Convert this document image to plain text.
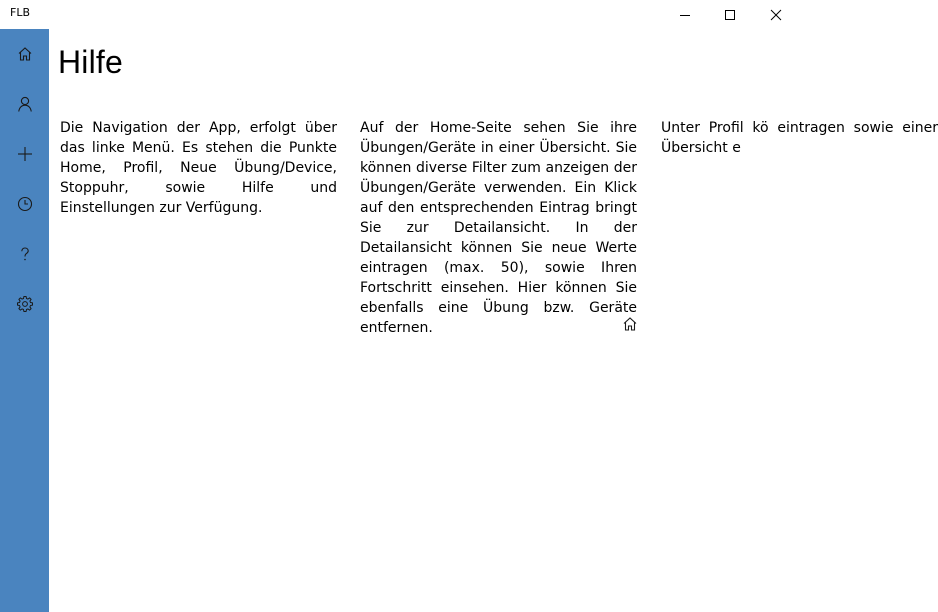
FLB
Hilfe

Die Navigation der App, erfolgt über das linke Menü. Es stehen die Punkte Home, Profil, Neue Übung/Device, Stoppuhr, sowie Hilfe und Einstellungen zur Verfügung.

Auf der Home-Seite sehen Sie ihre Übungen/Geräte in einer Übersicht. Sie können diverse Filter zum anzeigen der Übungen/Geräte verwenden. Ein Klick auf den entsprechenden Eintrag bringt Sie zur Detailansicht. In der Detailansicht können Sie neue Werte eintragen (max. 50), sowie Ihren Fortschritt einsehen. Hier können Sie ebenfalls eine Übung bzw. Geräte entfernen.

Unter Profil kö eintragen sowie einer Übersicht e
